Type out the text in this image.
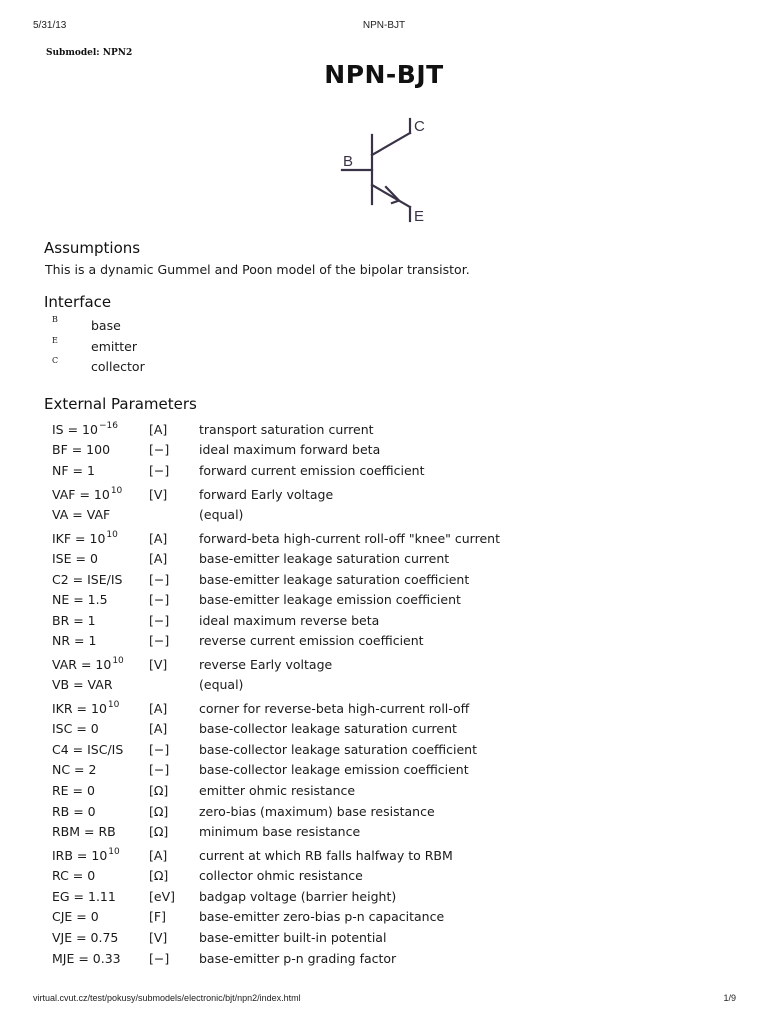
5/31/13	NPN-BJT
Submodel: NPN2
NPN-BJT
B
C
E
Assumptions
This is a dynamic Gummel and Poon model of the bipolar transistor.
Interface
B	base
E	emitter
C	collector
External Parameters
IS = $10^{-16}$ [A]	transport saturation current
BF = 100	[−] ideal maximum forward beta
NF = 1	[−] forward current emission coefficient
VAF = $10^{10}$ [V]	forward Early voltage
VA = VAF	(equal)
IKF = $10^{10}$ [A]	forward-beta high-current roll-off "knee" current
ISE = 0	[A]	base-emitter leakage saturation current
C2 = ISE/IS [−] base-emitter leakage saturation coefficient
NE = 1.5	[−] base-emitter leakage emission coefficient
BR = 1	[−] ideal maximum reverse beta
NR = 1	[−] reverse current emission coefficient
VAR = $10^{10}$ [V]	reverse Early voltage
VB = VAR	(equal)
IKR = $10^{10}$ [A]	corner for reverse-beta high-current roll-off
ISC = 0	[A]	base-collector leakage saturation current
C4 = ISC/IS [−] base-collector leakage saturation coefficient
NC = 2	[−] base-collector leakage emission coefficient
RE = 0	[Ω] emitter ohmic resistance
RB = 0	[Ω] zero-bias (maximum) base resistance
RBM = RB	[Ω] minimum base resistance
IRB = $10^{10}$ [A]	current at which RB falls halfway to RBM
RC = 0	[Ω] collector ohmic resistance
EG = 1.11	[eV] badgap voltage (barrier height)
CJE = 0	[F]	base-emitter zero-bias p-n capacitance
VJE = 0.75 [V]	base-emitter built-in potential
MJE = 0.33 [−] base-emitter p-n grading factor
virtual.cvut.cz/test/pokusy/submodels/electronic/bjt/npn2/index.html	1/9
